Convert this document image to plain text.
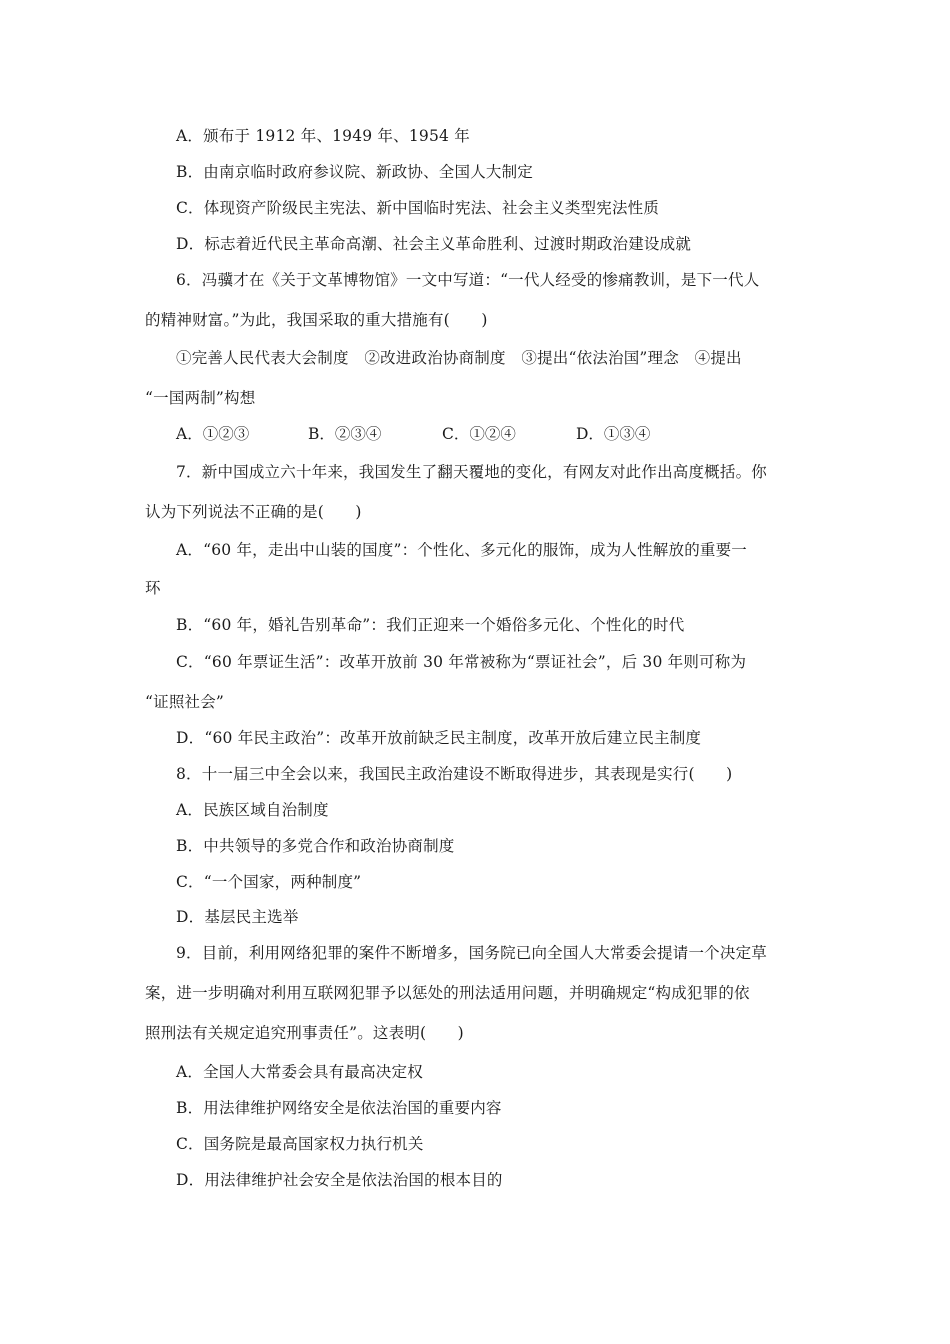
A．颁布于 1912 年、1949 年、1954 年
B．由南京临时政府参议院、新政协、全国人大制定
C．体现资产阶级民主宪法、新中国临时宪法、社会主义类型宪法性质
D．标志着近代民主革命高潮、社会主义革命胜利、过渡时期政治建设成就
6．冯骥才在《关于文革博物馆》一文中写道：“一代人经受的惨痛教训，是下一代人
的精神财富。”为此，我国采取的重大措施有(　　)
①完善人民代表大会制度　②改进政治协商制度　③提出“依法治国”理念　④提出
“一国两制”构想
A．①②③	B．②③④	C．①②④	D．①③④
7．新中国成立六十年来，我国发生了翻天覆地的变化，有网友对此作出高度概括。你
认为下列说法不正确的是(　　)
A．“60 年，走出中山装的国度”：个性化、多元化的服饰，成为人性解放的重要一
环
B．“60 年，婚礼告别革命”：我们正迎来一个婚俗多元化、个性化的时代
C．“60 年票证生活”：改革开放前 30 年常被称为“票证社会”，后 30 年则可称为
“证照社会”
D．“60 年民主政治”：改革开放前缺乏民主制度，改革开放后建立民主制度
8．十一届三中全会以来，我国民主政治建设不断取得进步，其表现是实行(　　)
A．民族区域自治制度
B．中共领导的多党合作和政治协商制度
C．“一个国家，两种制度”
D．基层民主选举
9．目前，利用网络犯罪的案件不断增多，国务院已向全国人大常委会提请一个决定草
案，进一步明确对利用互联网犯罪予以惩处的刑法适用问题，并明确规定“构成犯罪的依
照刑法有关规定追究刑事责任”。这表明(　　)
A．全国人大常委会具有最高决定权
B．用法律维护网络安全是依法治国的重要内容
C．国务院是最高国家权力执行机关
D．用法律维护社会安全是依法治国的根本目的
